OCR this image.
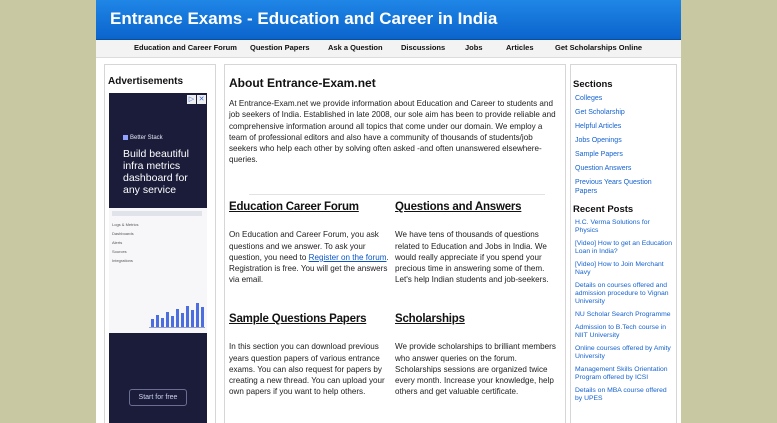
Entrance Exams - Education and Career in India
Education and Career Forum Question Papers Ask a Question Discussions	Jobs	Articles	Get Scholarships Online
Advertisements
▷ ✕
Better Stack
Build beautiful infra metrics dashboard for any service
Logs & Metrics
Dashboards
Alerts
Sources
Integrations
Start for free
About Entrance-Exam.net

At Entrance-Exam.net we provide information about Education and Career to students and job seekers of India. Established in late 2008, our sole aim has been to provide reliable and comprehensive information around all topics that come under our domain. We employ a team of professional editors and also have a community of thousands of students/job seekers who help each other by solving often asked -and often unanswered elsewhere- queries.

Education Career Forum

On Education and Career Forum, you ask questions and we answer. To ask your question, you need to Register on the forum. Registration is free. You will get the answers via email.

Questions and Answers

We have tens of thousands of questions related to Education and Jobs in India. We would really appreciate if you spend your precious time in answering some of them. Let's help Indian students and job-seekers.

Sample Questions Papers

In this section you can download previous years question papers of various entrance exams. You can also request for papers by creating a new thread. You can upload your own papers if you want to help others.

Scholarships

We provide scholarships to brilliant members who answer queries on the forum. Scholarships sessions are organized twice every month. Increase your knowledge, help others and get valuable certificate.

Sections
Colleges
Get Scholarship
Helpful Articles
Jobs Openings
Sample Papers
Question Answers
Previous Years Question Papers
Recent Posts
H.C. Verma Solutions for Physics
[Video] How to get an Education Loan in India?
[Video] How to Join Merchant Navy
Details on courses offered and admission procedure to Vignan University
NU Scholar Search Programme
Admission to B.Tech course in NIIT University
Online courses offered by Amity University
Management Skills Orientation Program offered by ICSI
Details on MBA course offered by UPES
